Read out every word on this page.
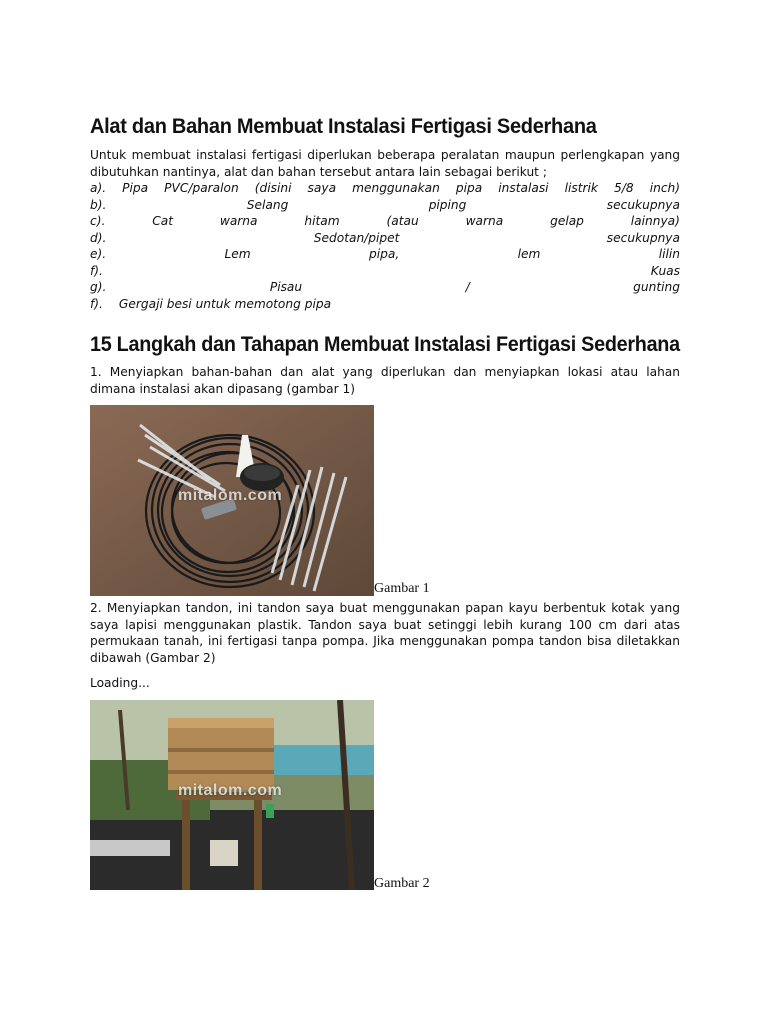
Alat dan Bahan Membuat Instalasi Fertigasi Sederhana
Untuk membuat instalasi fertigasi diperlukan beberapa peralatan maupun perlengkapan yang dibutuhkan nantinya, alat dan bahan tersebut antara lain sebagai berikut ;
a). Pipa PVC/paralon (disini saya menggunakan pipa instalasi listrik 5/8 inch)
b).	Selang	piping	secukupnya
c).	Cat	warna	hitam	(atau	warna	gelap	lainnya)
d).	Sedotan/pipet	secukupnya
e).	Lem	pipa,	lem	lilin
f).	Kuas
g).	Pisau	/	gunting
f). Gergaji besi untuk memotong pipa
15 Langkah dan Tahapan Membuat Instalasi Fertigasi Sederhana
1. Menyiapkan bahan-bahan dan alat yang diperlukan dan menyiapkan lokasi atau lahan dimana instalasi akan dipasang (gambar 1)
mitalom.com
Gambar 1
2. Menyiapkan tandon, ini tandon saya buat menggunakan papan kayu berbentuk kotak yang saya lapisi menggunakan plastik. Tandon saya buat setinggi lebih kurang 100 cm dari atas permukaan tanah, ini fertigasi tanpa pompa. Jika menggunakan pompa tandon bisa diletakkan dibawah (Gambar 2)
Loading...
mitalom.com
Gambar 2
